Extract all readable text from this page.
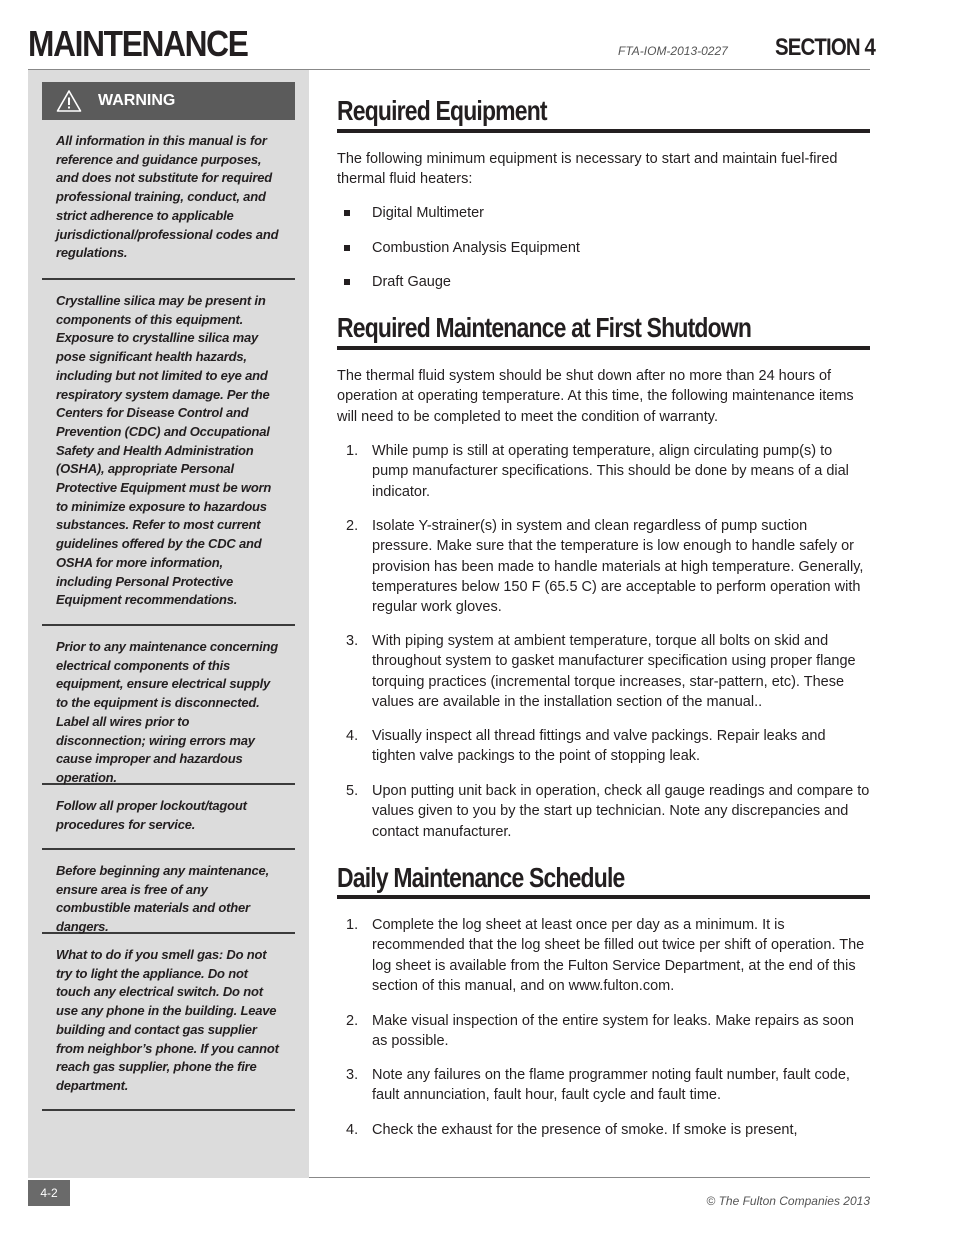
MAINTENANCE	FTA-IOM-2013-0227 SECTION 4
WARNING
All information in this manual is for reference and guidance purposes, and does not substitute for required professional training, conduct, and strict adherence to applicable jurisdictional/professional codes and regulations.
Crystalline silica may be present in components of this equipment. Exposure to crystalline silica may pose significant health hazards, including but not limited to eye and respiratory system damage. Per the Centers for Disease Control and Prevention (CDC) and Occupational Safety and Health Administration (OSHA), appropriate Personal Protective Equipment must be worn to minimize exposure to hazardous substances. Refer to most current guidelines offered by the CDC and OSHA for more information, including Personal Protective Equipment recommendations.
Prior to any maintenance concerning electrical components of this equipment, ensure electrical supply to the equipment is disconnected. Label all wires prior to disconnection; wiring errors may cause improper and hazardous operation.
Follow all proper lockout/tagout procedures for service.
Before beginning any maintenance, ensure area is free of any combustible materials and other dangers.
What to do if you smell gas: Do not try to light the appliance. Do not touch any electrical switch. Do not use any phone in the building. Leave building and contact gas supplier from neighbor’s phone. If you cannot reach gas supplier, phone the fire department.
Required Equipment
The following minimum equipment is necessary to start and maintain fuel-fired thermal fluid heaters:
Digital Multimeter
Combustion Analysis Equipment
Draft Gauge
Required Maintenance at First Shutdown
The thermal fluid system should be shut down after no more than 24 hours of operation at operating temperature. At this time, the following maintenance items will need to be completed to meet the condition of warranty.
1. While pump is still at operating temperature, align circulating pump(s) to pump manufacturer specifications. This should be done by means of a dial indicator.
2. Isolate Y-strainer(s) in system and clean regardless of pump suction pressure. Make sure that the temperature is low enough to handle safely or provision has been made to handle materials at high temperature. Generally, temperatures below 150 F (65.5 C) are acceptable to perform operation with regular work gloves.
3. With piping system at ambient temperature, torque all bolts on skid and throughout system to gasket manufacturer specification using proper flange torquing practices (incremental torque increases, star-pattern, etc). These values are available in the installation section of the manual..
4. Visually inspect all thread fittings and valve packings. Repair leaks and tighten valve packings to the point of stopping leak.
5. Upon putting unit back in operation, check all gauge readings and compare to values given to you by the start up technician. Note any discrepancies and contact manufacturer.
Daily Maintenance Schedule
1. Complete the log sheet at least once per day as a minimum. It is recommended that the log sheet be filled out twice per shift of operation. The log sheet is available from the Fulton Service Department, at the end of this section of this manual, and on www.fulton.com.
2. Make visual inspection of the entire system for leaks. Make repairs as soon as possible.
3. Note any failures on the flame programmer noting fault number, fault code, fault annunciation, fault hour, fault cycle and fault time.
4. Check the exhaust for the presence of smoke. If smoke is present,
4-2
© The Fulton Companies 2013
